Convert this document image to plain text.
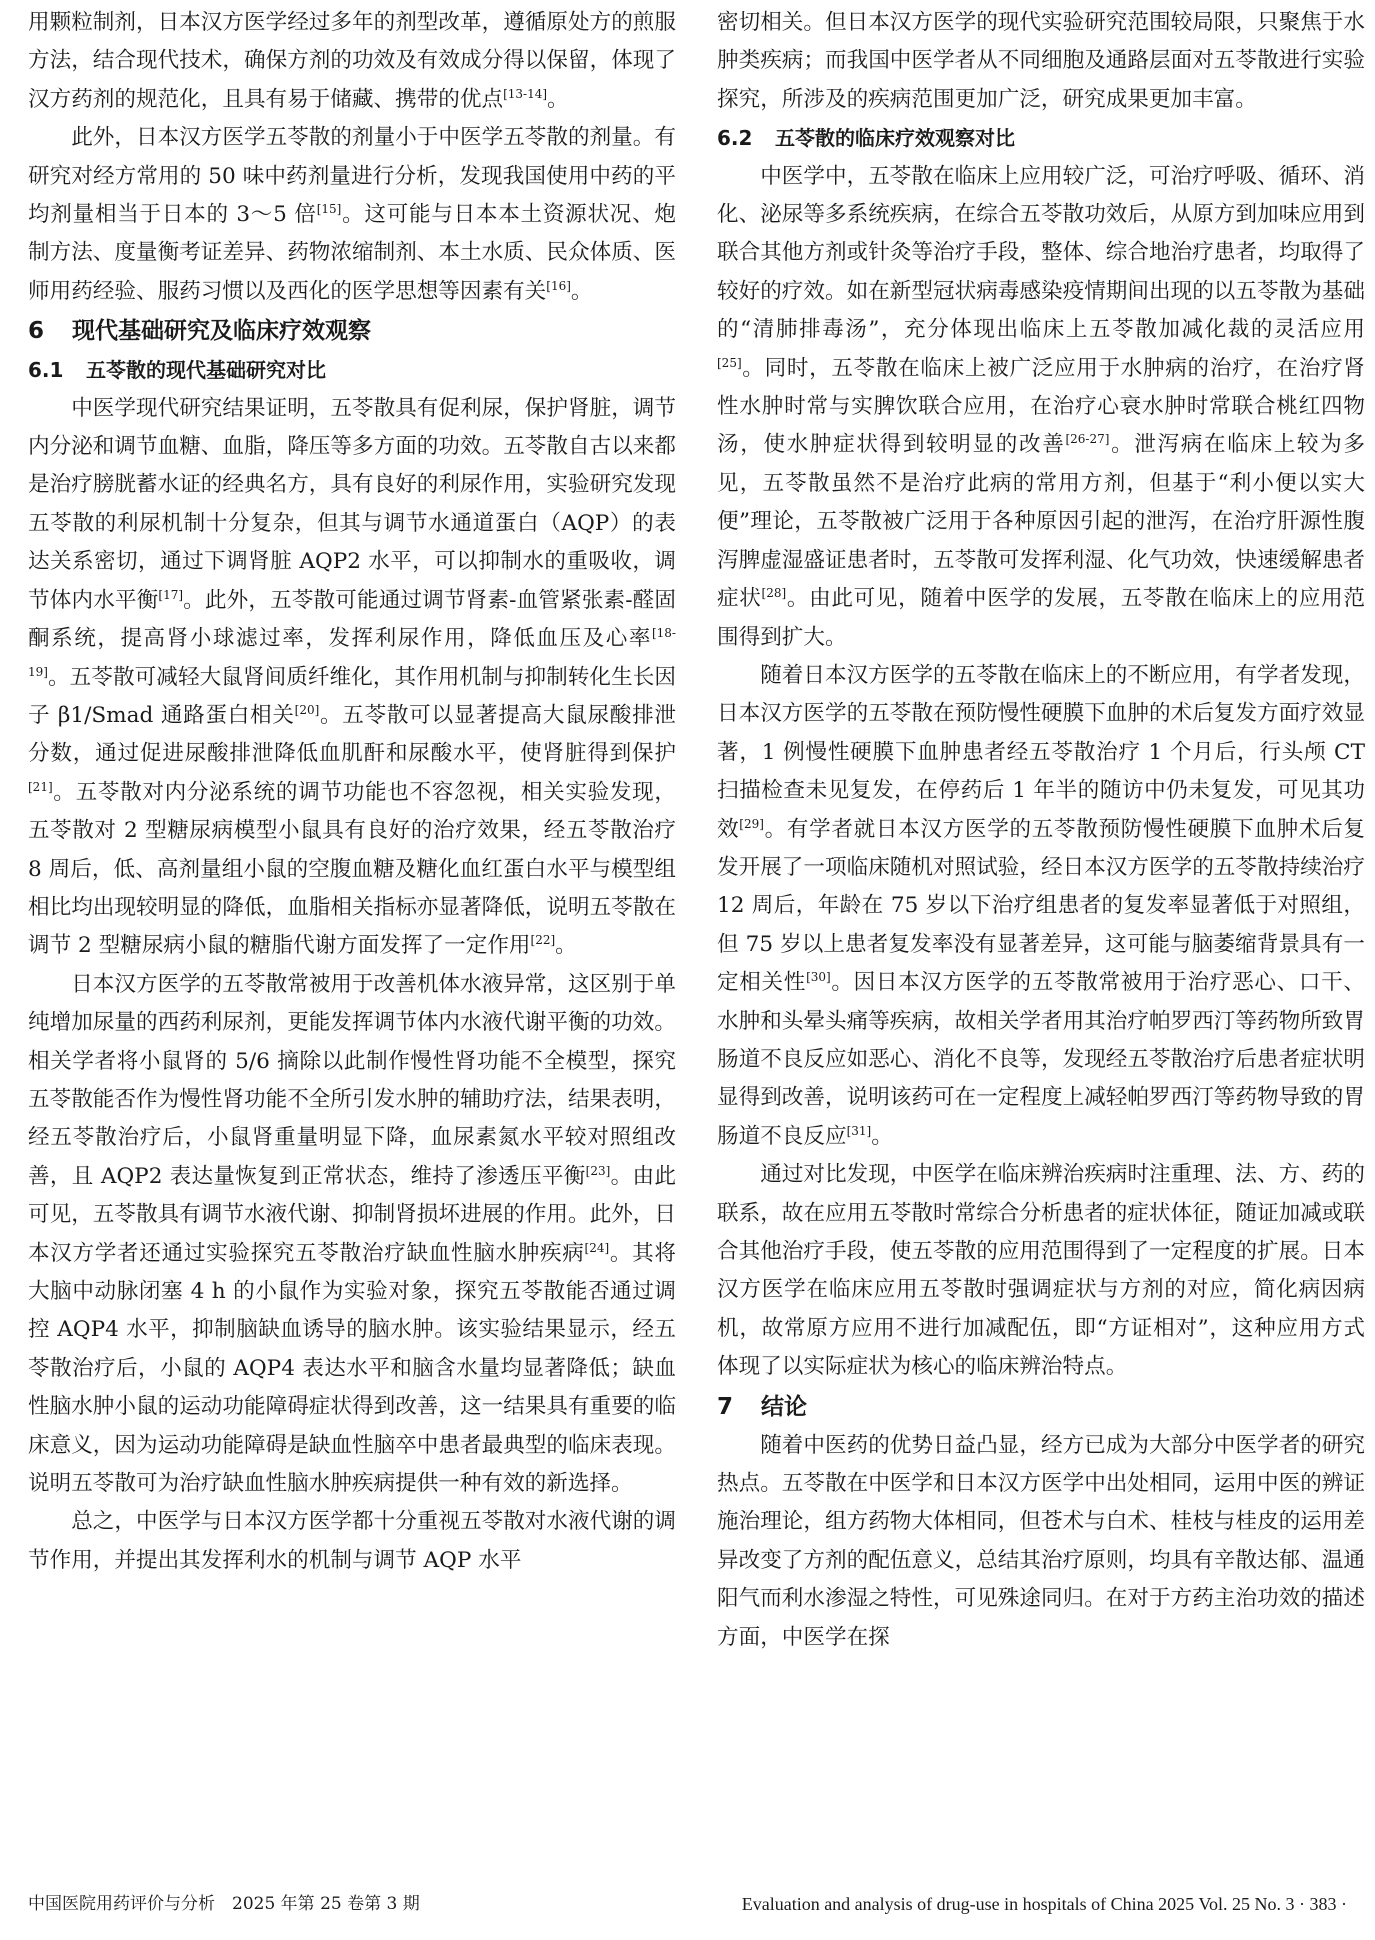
用颗粒制剂，日本汉方医学经过多年的剂型改革，遵循原处方的煎服方法，结合现代技术，确保方剂的功效及有效成分得以保留，体现了汉方药剂的规范化，且具有易于储藏、携带的优点[13-14]。

此外，日本汉方医学五苓散的剂量小于中医学五苓散的剂量。有研究对经方常用的 50 味中药剂量进行分析，发现我国使用中药的平均剂量相当于日本的 3～5 倍[15]。这可能与日本本土资源状况、炮制方法、度量衡考证差异、药物浓缩制剂、本土水质、民众体质、医师用药经验、服药习惯以及西化的医学思想等因素有关[16]。

6 现代基础研究及临床疗效观察

6.1 五苓散的现代基础研究对比

中医学现代研究结果证明，五苓散具有促利尿，保护肾脏，调节内分泌和调节血糖、血脂，降压等多方面的功效。五苓散自古以来都是治疗膀胱蓄水证的经典名方，具有良好的利尿作用，实验研究发现五苓散的利尿机制十分复杂，但其与调节水通道蛋白（AQP）的表达关系密切，通过下调肾脏 AQP2 水平，可以抑制水的重吸收，调节体内水平衡[17]。此外，五苓散可能通过调节肾素-血管紧张素-醛固酮系统，提高肾小球滤过率，发挥利尿作用，降低血压及心率[18-19]。五苓散可减轻大鼠肾间质纤维化，其作用机制与抑制转化生长因子 β1/Smad 通路蛋白相关[20]。五苓散可以显著提高大鼠尿酸排泄分数，通过促进尿酸排泄降低血肌酐和尿酸水平，使肾脏得到保护[21]。五苓散对内分泌系统的调节功能也不容忽视，相关实验发现，五苓散对 2 型糖尿病模型小鼠具有良好的治疗效果，经五苓散治疗 8 周后，低、高剂量组小鼠的空腹血糖及糖化血红蛋白水平与模型组相比均出现较明显的降低，血脂相关指标亦显著降低，说明五苓散在调节 2 型糖尿病小鼠的糖脂代谢方面发挥了一定作用[22]。

日本汉方医学的五苓散常被用于改善机体水液异常，这区别于单纯增加尿量的西药利尿剂，更能发挥调节体内水液代谢平衡的功效。相关学者将小鼠肾的 5/6 摘除以此制作慢性肾功能不全模型，探究五苓散能否作为慢性肾功能不全所引发水肿的辅助疗法，结果表明，经五苓散治疗后，小鼠肾重量明显下降，血尿素氮水平较对照组改善，且 AQP2 表达量恢复到正常状态，维持了渗透压平衡[23]。由此可见，五苓散具有调节水液代谢、抑制肾损坏进展的作用。此外，日本汉方学者还通过实验探究五苓散治疗缺血性脑水肿疾病[24]。其将大脑中动脉闭塞 4 h 的小鼠作为实验对象，探究五苓散能否通过调控 AQP4 水平，抑制脑缺血诱导的脑水肿。该实验结果显示，经五苓散治疗后，小鼠的 AQP4 表达水平和脑含水量均显著降低；缺血性脑水肿小鼠的运动功能障碍症状得到改善，这一结果具有重要的临床意义，因为运动功能障碍是缺血性脑卒中患者最典型的临床表现。说明五苓散可为治疗缺血性脑水肿疾病提供一种有效的新选择。

总之，中医学与日本汉方医学都十分重视五苓散对水液代谢的调节作用，并提出其发挥利水的机制与调节 AQP 水平

密切相关。但日本汉方医学的现代实验研究范围较局限，只聚焦于水肿类疾病；而我国中医学者从不同细胞及通路层面对五苓散进行实验探究，所涉及的疾病范围更加广泛，研究成果更加丰富。

6.2 五苓散的临床疗效观察对比

中医学中，五苓散在临床上应用较广泛，可治疗呼吸、循环、消化、泌尿等多系统疾病，在综合五苓散功效后，从原方到加味应用到联合其他方剂或针灸等治疗手段，整体、综合地治疗患者，均取得了较好的疗效。如在新型冠状病毒感染疫情期间出现的以五苓散为基础的“清肺排毒汤”，充分体现出临床上五苓散加减化裁的灵活应用[25]。同时，五苓散在临床上被广泛应用于水肿病的治疗，在治疗肾性水肿时常与实脾饮联合应用，在治疗心衰水肿时常联合桃红四物汤，使水肿症状得到较明显的改善[26-27]。泄泻病在临床上较为多见，五苓散虽然不是治疗此病的常用方剂，但基于“利小便以实大便”理论，五苓散被广泛用于各种原因引起的泄泻，在治疗肝源性腹泻脾虚湿盛证患者时，五苓散可发挥利湿、化气功效，快速缓解患者症状[28]。由此可见，随着中医学的发展，五苓散在临床上的应用范围得到扩大。

随着日本汉方医学的五苓散在临床上的不断应用，有学者发现，日本汉方医学的五苓散在预防慢性硬膜下血肿的术后复发方面疗效显著，1 例慢性硬膜下血肿患者经五苓散治疗 1 个月后，行头颅 CT 扫描检查未见复发，在停药后 1 年半的随访中仍未复发，可见其功效[29]。有学者就日本汉方医学的五苓散预防慢性硬膜下血肿术后复发开展了一项临床随机对照试验，经日本汉方医学的五苓散持续治疗 12 周后，年龄在 75 岁以下治疗组患者的复发率显著低于对照组，但 75 岁以上患者复发率没有显著差异，这可能与脑萎缩背景具有一定相关性[30]。因日本汉方医学的五苓散常被用于治疗恶心、口干、水肿和头晕头痛等疾病，故相关学者用其治疗帕罗西汀等药物所致胃肠道不良反应如恶心、消化不良等，发现经五苓散治疗后患者症状明显得到改善，说明该药可在一定程度上减轻帕罗西汀等药物导致的胃肠道不良反应[31]。

通过对比发现，中医学在临床辨治疾病时注重理、法、方、药的联系，故在应用五苓散时常综合分析患者的症状体征，随证加减或联合其他治疗手段，使五苓散的应用范围得到了一定程度的扩展。日本汉方医学在临床应用五苓散时强调症状与方剂的对应，简化病因病机，故常原方应用不进行加减配伍，即“方证相对”，这种应用方式体现了以实际症状为核心的临床辨治特点。

7 结论

随着中医药的优势日益凸显，经方已成为大部分中医学者的研究热点。五苓散在中医学和日本汉方医学中出处相同，运用中医的辨证施治理论，组方药物大体相同，但苍术与白术、桂枝与桂皮的运用差异改变了方剂的配伍意义，总结其治疗原则，均具有辛散达郁、温通阳气而利水渗湿之特性，可见殊途同归。在对于方药主治功效的描述方面，中医学在探

中国医院用药评价与分析　2025 年第 25 卷第 3 期	Evaluation and analysis of drug-use in hospitals of China 2025 Vol. 25 No. 3 · 383 ·
